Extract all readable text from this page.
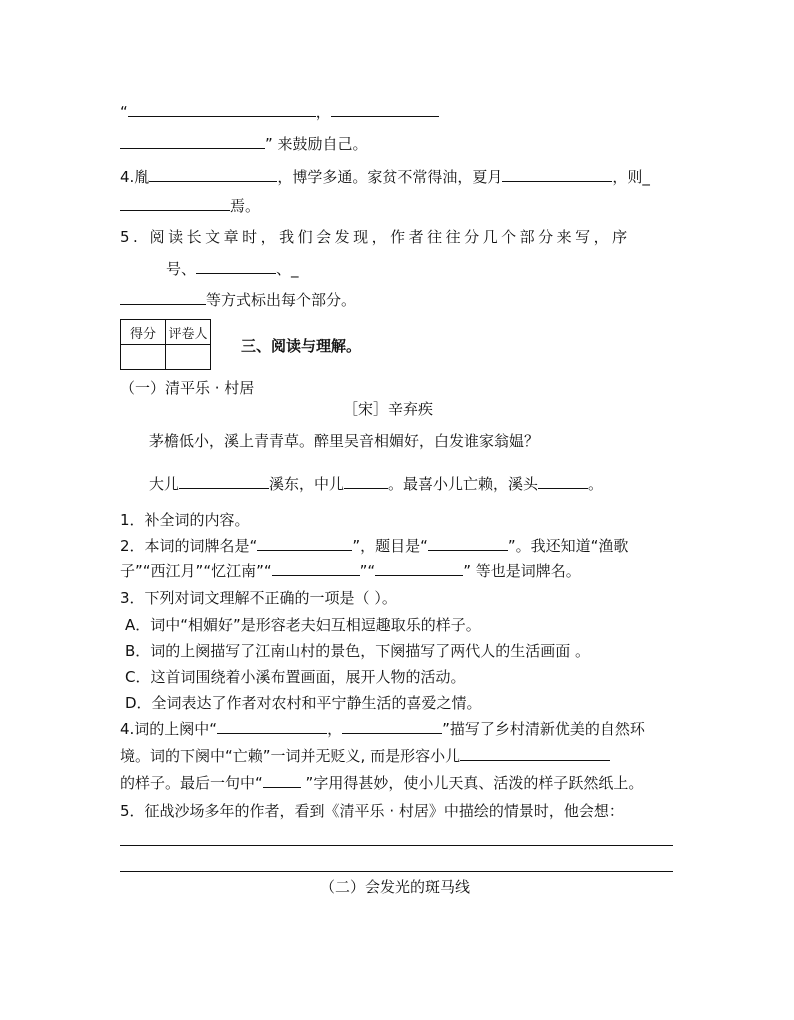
“	，
” 来鼓励自己。
4.胤	，博学多通。家贫不常得油，夏月	，则_
焉。
5. 阅读长文章时，我们会发现，作者往往分几个部分来写，序
号、	、_
等方式标出每个部分。
得分	评卷人

三、阅读与理解。
（一）清平乐 · 村居
［宋］辛弃疾
茅檐低小，溪上青青草。醉里吴音相媚好，白发谁家翁媪？
大儿	溪东，中儿	。最喜小儿亡赖，溪头	。
1．补全词的内容。
2．本词的词牌名是“	”，题目是“	”。我还知道“渔歌
子”“西江月”“忆江南”“	”“	” 等也是词牌名。
3．下列对词文理解不正确的一项是（ ）。
A．词中“相媚好”是形容老夫妇互相逗趣取乐的样子。
B．词的上阕描写了江南山村的景色，下阕描写了两代人的生活画面 。
C．这首词围绕着小溪布置画面，展开人物的活动。
D．全词表达了作者对农村和平宁静生活的喜爱之情。
4.词的上阕中“	，	”描写了乡村清新优美的自然环
境。词的下阕中“亡赖”一词并无贬义, 而是形容小儿
的样子。最后一句中“	”字用得甚妙，使小儿天真、活泼的样子跃然纸上。
5．征战沙场多年的作者，看到《清平乐 · 村居》中描绘的情景时，他会想：
（二）会发光的斑马线
